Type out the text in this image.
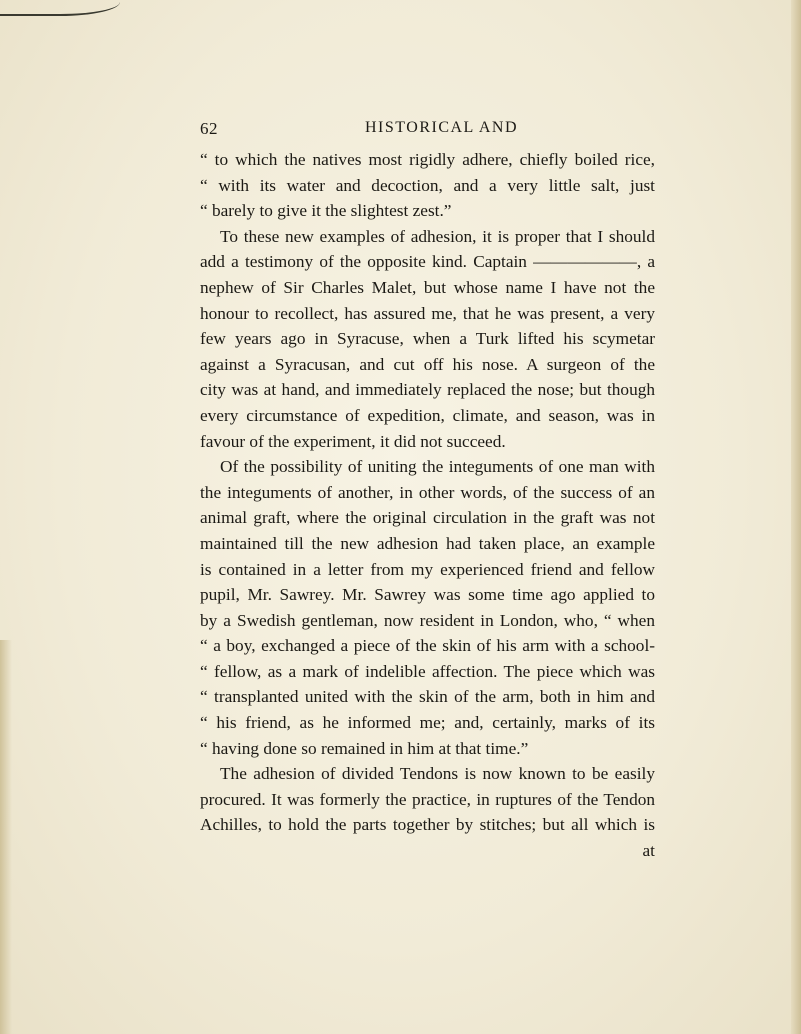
62	HISTORICAL AND
“ to which the natives most rigidly adhere, chiefly boiled rice,
“ with its water and decoction, and a very little salt, just
“ barely to give it the slightest zest.”
To these new examples of adhesion, it is proper that I should
add a testimony of the opposite kind. Captain ——————, a
nephew of Sir Charles Malet, but whose name I have not the
honour to recollect, has assured me, that he was present, a very
few years ago in Syracuse, when a Turk lifted his scymetar
against a Syracusan, and cut off his nose. A surgeon of the
city was at hand, and immediately replaced the nose; but though
every circumstance of expedition, climate, and season, was in
favour of the experiment, it did not succeed.
Of the possibility of uniting the integuments of one man with
the integuments of another, in other words, of the success of an
animal graft, where the original circulation in the graft was not
maintained till the new adhesion had taken place, an example
is contained in a letter from my experienced friend and fellow
pupil, Mr. Sawrey. Mr. Sawrey was some time ago applied to
by a Swedish gentleman, now resident in London, who, “ when
“ a boy, exchanged a piece of the skin of his arm with a school-
“ fellow, as a mark of indelible affection. The piece which was
“ transplanted united with the skin of the arm, both in him and
“ his friend, as he informed me; and, certainly, marks of its
“ having done so remained in him at that time.”
The adhesion of divided Tendons is now known to be easily
procured. It was formerly the practice, in ruptures of the Tendon
Achilles, to hold the parts together by stitches; but all which is
at
